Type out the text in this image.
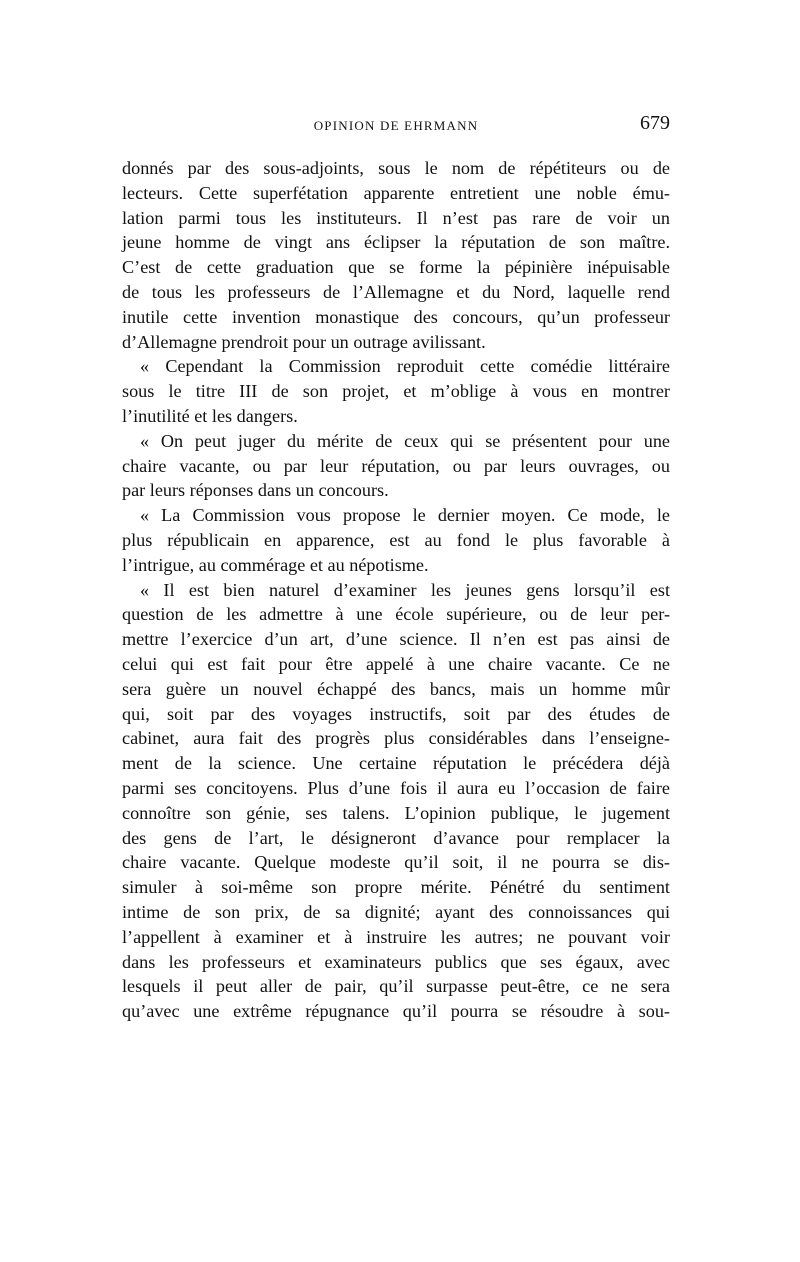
OPINION DE EHRMANN	679
donnés par des sous-adjoints, sous le nom de répétiteurs ou de
lecteurs. Cette superfétation apparente entretient une noble ému-
lation parmi tous les instituteurs. Il n’est pas rare de voir un
jeune homme de vingt ans éclipser la réputation de son maître.
C’est de cette graduation que se forme la pépinière inépuisable
de tous les professeurs de l’Allemagne et du Nord, laquelle rend
inutile cette invention monastique des concours, qu’un professeur
d’Allemagne prendroit pour un outrage avilissant.
« Cependant la Commission reproduit cette comédie littéraire
sous le titre III de son projet, et m’oblige à vous en montrer
l’inutilité et les dangers.
« On peut juger du mérite de ceux qui se présentent pour une
chaire vacante, ou par leur réputation, ou par leurs ouvrages, ou
par leurs réponses dans un concours.
« La Commission vous propose le dernier moyen. Ce mode, le
plus républicain en apparence, est au fond le plus favorable à
l’intrigue, au commérage et au népotisme.
« Il est bien naturel d’examiner les jeunes gens lorsqu’il est
question de les admettre à une école supérieure, ou de leur per-
mettre l’exercice d’un art, d’une science. Il n’en est pas ainsi de
celui qui est fait pour être appelé à une chaire vacante. Ce ne
sera guère un nouvel échappé des bancs, mais un homme mûr
qui, soit par des voyages instructifs, soit par des études de
cabinet, aura fait des progrès plus considérables dans l’enseigne-
ment de la science. Une certaine réputation le précédera déjà
parmi ses concitoyens. Plus d’une fois il aura eu l’occasion de faire
connoître son génie, ses talens. L’opinion publique, le jugement
des gens de l’art, le désigneront d’avance pour remplacer la
chaire vacante. Quelque modeste qu’il soit, il ne pourra se dis-
simuler à soi-même son propre mérite. Pénétré du sentiment
intime de son prix, de sa dignité; ayant des connoissances qui
l’appellent à examiner et à instruire les autres; ne pouvant voir
dans les professeurs et examinateurs publics que ses égaux, avec
lesquels il peut aller de pair, qu’il surpasse peut-être, ce ne sera
qu’avec une extrême répugnance qu’il pourra se résoudre à sou-
